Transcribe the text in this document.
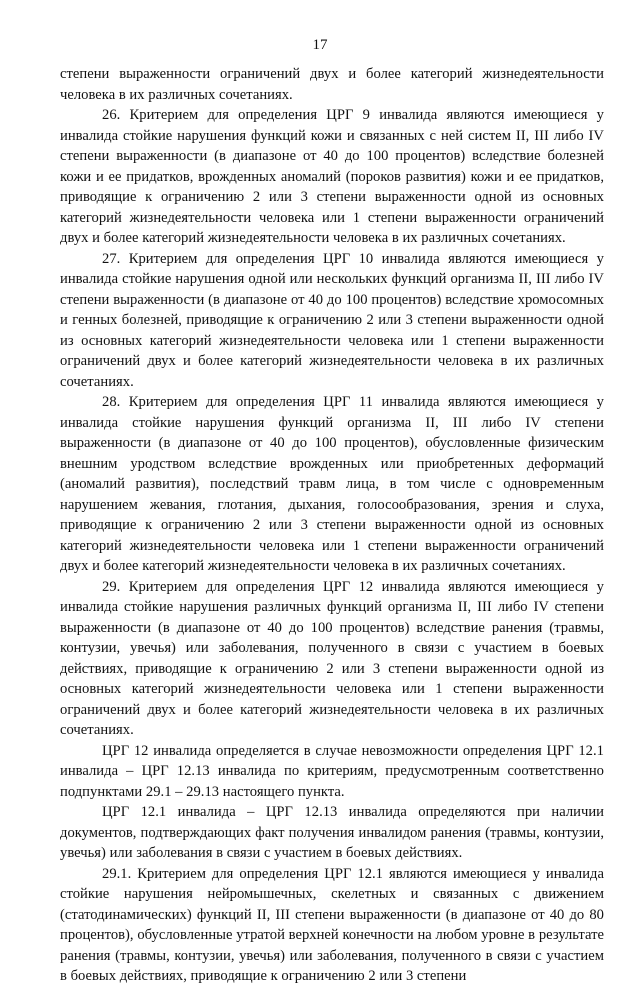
17

степени выраженности ограничений двух и более категорий жизнедеятельности человека в их различных сочетаниях.

26. Критерием для определения ЦРГ 9 инвалида являются имеющиеся у инвалида стойкие нарушения функций кожи и связанных с ней систем II, III либо IV степени выраженности (в диапазоне от 40 до 100 процентов) вследствие болезней кожи и ее придатков, врожденных аномалий (пороков развития) кожи и ее придатков, приводящие к ограничению 2 или 3 степени выраженности одной из основных категорий жизнедеятельности человека или 1 степени выраженности ограничений двух и более категорий жизнедеятельности человека в их различных сочетаниях.

27. Критерием для определения ЦРГ 10 инвалида являются имеющиеся у инвалида стойкие нарушения одной или нескольких функций организма II, III либо IV степени выраженности (в диапазоне от 40 до 100 процентов) вследствие хромосомных и генных болезней, приводящие к ограничению 2 или 3 степени выраженности одной из основных категорий жизнедеятельности человека или 1 степени выраженности ограничений двух и более категорий жизнедеятельности человека в их различных сочетаниях.

28. Критерием для определения ЦРГ 11 инвалида являются имеющиеся у инвалида стойкие нарушения функций организма II, III либо IV степени выраженности (в диапазоне от 40 до 100 процентов), обусловленные физическим внешним уродством вследствие врожденных или приобретенных деформаций (аномалий развития), последствий травм лица, в том числе с одновременным нарушением жевания, глотания, дыхания, голосообразования, зрения и слуха, приводящие к ограничению 2 или 3 степени выраженности одной из основных категорий жизнедеятельности человека или 1 степени выраженности ограничений двух и более категорий жизнедеятельности человека в их различных сочетаниях.

29. Критерием для определения ЦРГ 12 инвалида являются имеющиеся у инвалида стойкие нарушения различных функций организма II, III либо IV степени выраженности (в диапазоне от 40 до 100 процентов) вследствие ранения (травмы, контузии, увечья) или заболевания, полученного в связи с участием в боевых действиях, приводящие к ограничению 2 или 3 степени выраженности одной из основных категорий жизнедеятельности человека или 1 степени выраженности ограничений двух и более категорий жизнедеятельности человека в их различных сочетаниях.

ЦРГ 12 инвалида определяется в случае невозможности определения ЦРГ 12.1 инвалида – ЦРГ 12.13 инвалида по критериям, предусмотренным соответственно подпунктами 29.1 – 29.13 настоящего пункта.

ЦРГ 12.1 инвалида – ЦРГ 12.13 инвалида определяются при наличии документов, подтверждающих факт получения инвалидом ранения (травмы, контузии, увечья) или заболевания в связи с участием в боевых действиях.

29.1. Критерием для определения ЦРГ 12.1 являются имеющиеся у инвалида стойкие нарушения нейромышечных, скелетных и связанных с движением (статодинамических) функций II, III степени выраженности (в диапазоне от 40 до 80 процентов), обусловленные утратой верхней конечности на любом уровне в результате ранения (травмы, контузии, увечья) или заболевания, полученного в связи с участием в боевых действиях, приводящие к ограничению 2 или 3 степени
